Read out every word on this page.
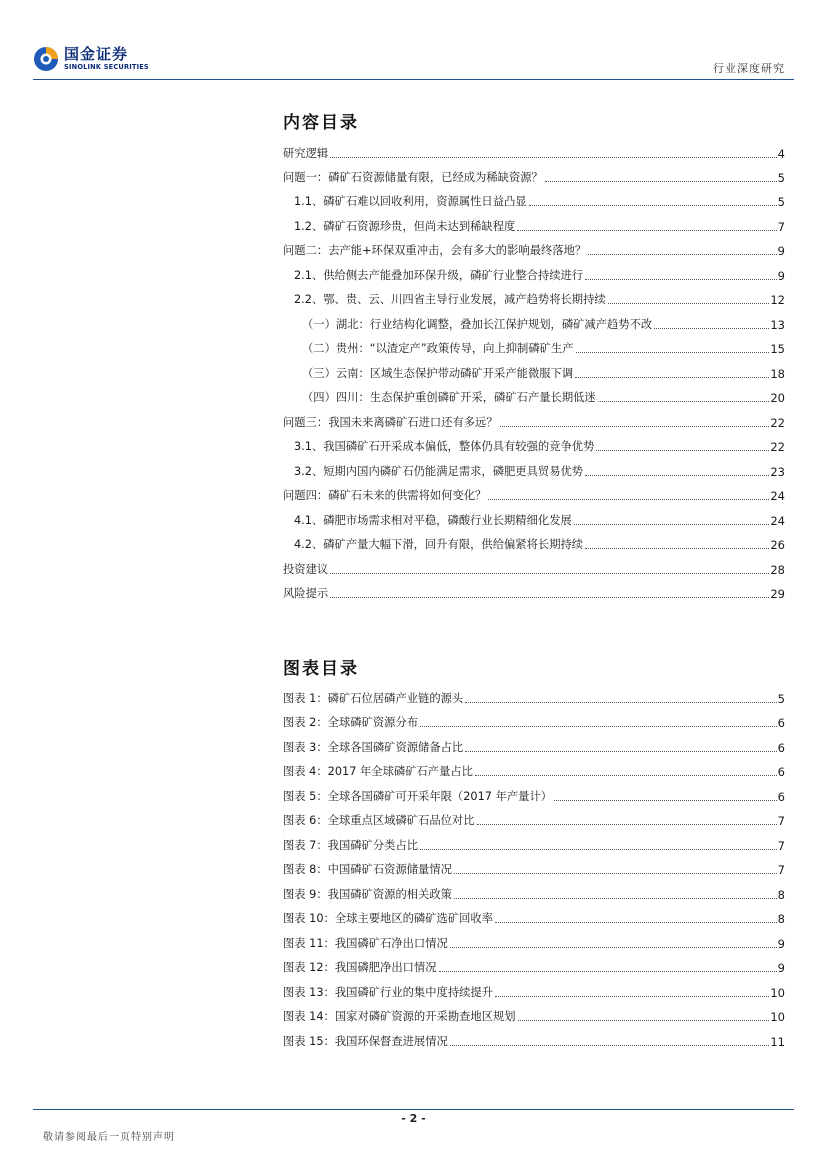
国金证券
SINOLINK SECURITIES	行业深度研究
内容目录
研究逻辑	4
问题一：磷矿石资源储量有限，已经成为稀缺资源？	5
1.1、磷矿石难以回收利用，资源属性日益凸显	5
1.2、磷矿石资源珍贵，但尚未达到稀缺程度	7
问题二：去产能+环保双重冲击，会有多大的影响最终落地？	9
2.1、供给侧去产能叠加环保升级，磷矿行业整合持续进行	9
2.2、鄂、贵、云、川四省主导行业发展，减产趋势将长期持续	12
（一）湖北：行业结构化调整，叠加长江保护规划，磷矿减产趋势不改	13
（二）贵州：“以渣定产”政策传导，向上抑制磷矿生产	15
（三）云南：区域生态保护带动磷矿开采产能微服下调	18
（四）四川：生态保护重创磷矿开采，磷矿石产量长期低迷	20
问题三：我国未来离磷矿石进口还有多远？	22
3.1、我国磷矿石开采成本偏低，整体仍具有较强的竞争优势	22
3.2、短期内国内磷矿石仍能满足需求，磷肥更具贸易优势	23
问题四：磷矿石未来的供需将如何变化？	24
4.1、磷肥市场需求相对平稳，磷酸行业长期精细化发展	24
4.2、磷矿产量大幅下滑，回升有限，供给偏紧将长期持续	26
投资建议	28
风险提示	29
图表目录
图表 1：磷矿石位居磷产业链的源头	5
图表 2：全球磷矿资源分布	6
图表 3：全球各国磷矿资源储备占比	6
图表 4：2017 年全球磷矿石产量占比	6
图表 5：全球各国磷矿可开采年限（2017 年产量计）	6
图表 6：全球重点区域磷矿石品位对比	7
图表 7：我国磷矿分类占比	7
图表 8：中国磷矿石资源储量情况	7
图表 9：我国磷矿资源的相关政策	8
图表 10：全球主要地区的磷矿选矿回收率	8
图表 11：我国磷矿石净出口情况	9
图表 12：我国磷肥净出口情况	9
图表 13：我国磷矿行业的集中度持续提升	10
图表 14：国家对磷矿资源的开采勘查地区规划	10
图表 15：我国环保督查进展情况	11
- 2 -
敬请参阅最后一页特别声明
